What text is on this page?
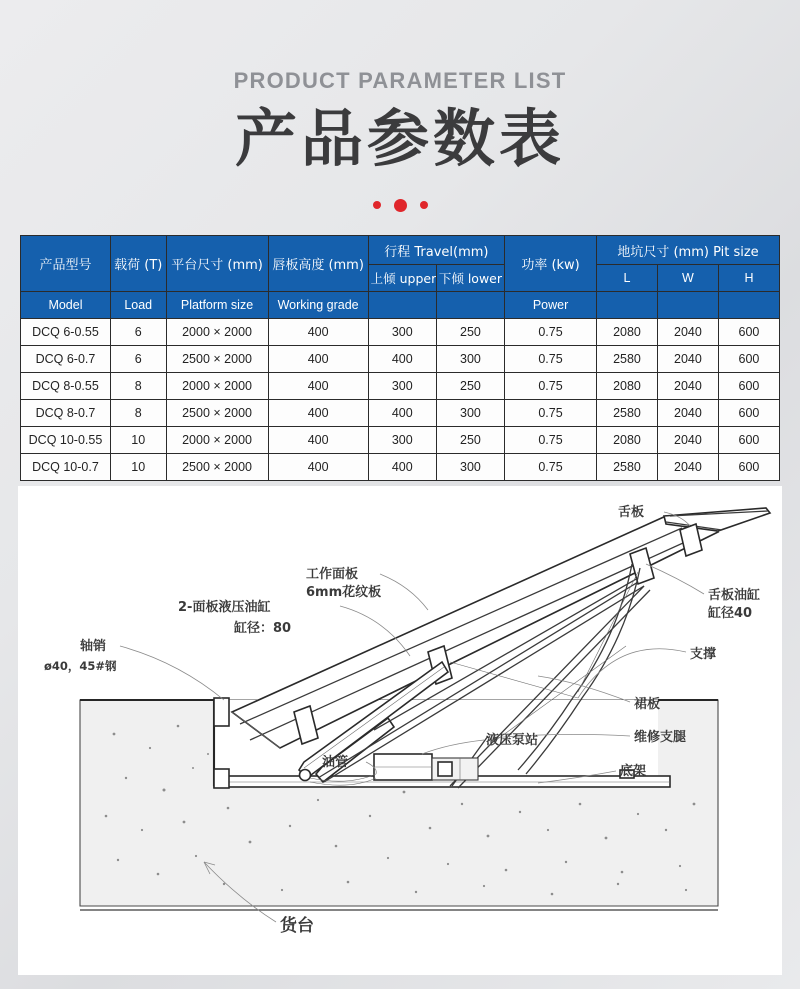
PRODUCT PARAMETER LIST
产品参数表
产品型号	载荷 (T)	平台尺寸 (mm)	唇板高度 (mm)	行程 Travel(mm)		功率 (kw)	地坑尺寸 (mm) Pit size		
				上倾 upper	下倾 lower		L	W	H
Model	Load	Platform size	Working grade			Power			
DCQ 6-0.55	6	2000 × 2000	400	300	250	0.75	2080	2040	600
DCQ 6-0.7	6	2500 × 2000	400	400	300	0.75	2580	2040	600
DCQ 8-0.55	8	2000 × 2000	400	300	250	0.75	2080	2040	600
DCQ 8-0.7	8	2500 × 2000	400	400	300	0.75	2580	2040	600
DCQ 10-0.55	10	2000 × 2000	400	300	250	0.75	2080	2040	600
DCQ 10-0.7	10	2500 × 2000	400	400	300	0.75	2580	2040	600
舌板
舌板油缸
缸径40
支撑
裙板
维修支腿
底架
工作面板
6mm花纹板
2-面板液压油缸
缸径：80
轴销
ø40，45#钢
液压泵站
油管
货台
